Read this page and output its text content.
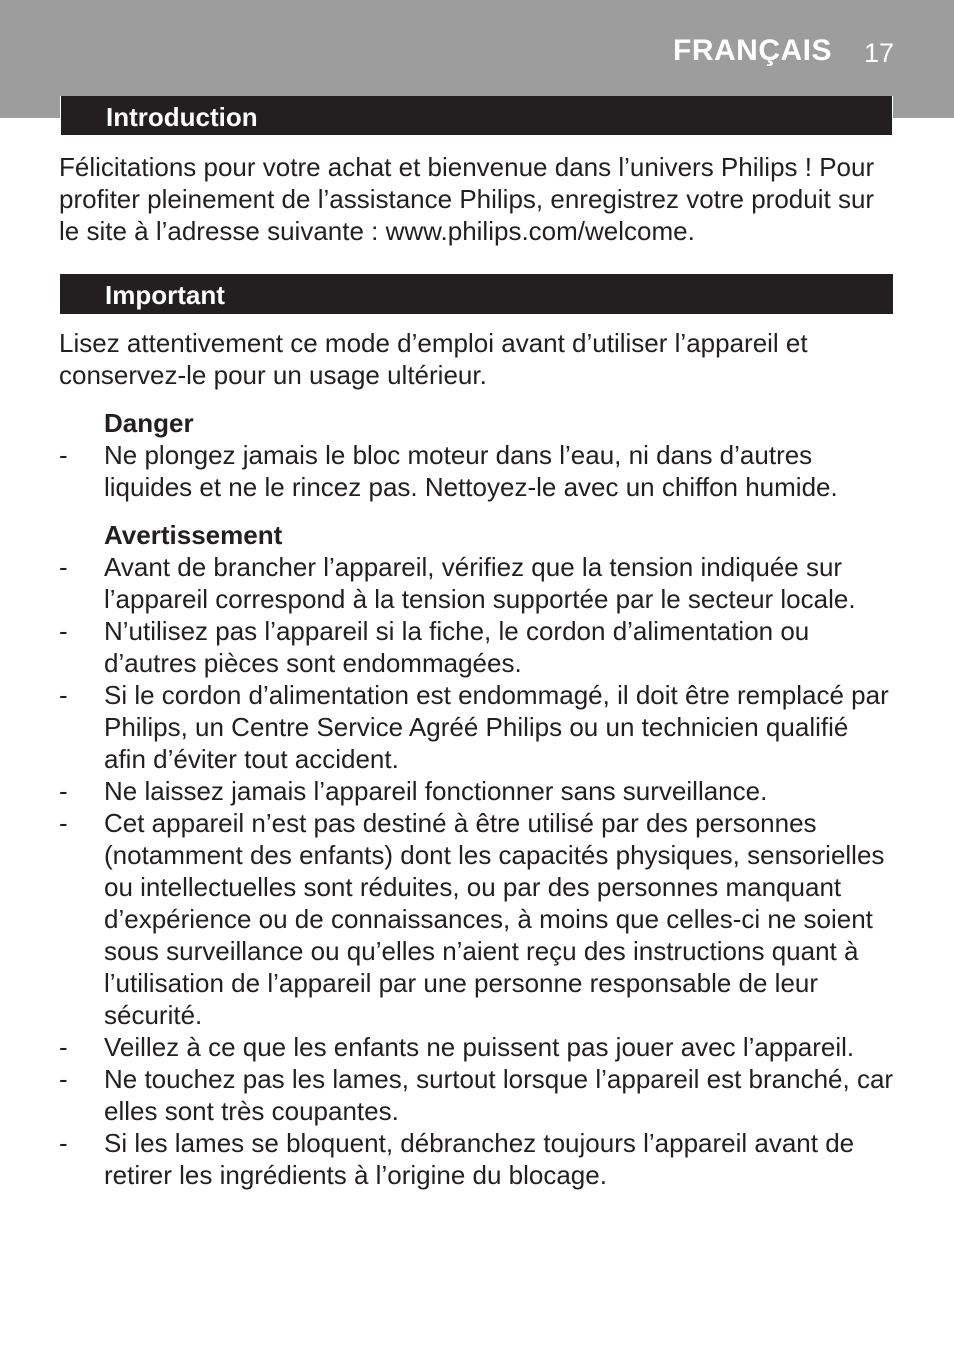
FRANÇAIS 17
Introduction

Félicitations pour votre achat et bienvenue dans l’univers Philips ! Pour profiter pleinement de l’assistance Philips, enregistrez votre produit sur le site à l’adresse suivante : www.philips.com/welcome.

Important

Lisez attentivement ce mode d’emploi avant d’utiliser l’appareil et conservez-le pour un usage ultérieur.

Danger
- Ne plongez jamais le bloc moteur dans l’eau, ni dans d’autres liquides et ne le rincez pas. Nettoyez-le avec un chiffon humide.
Avertissement
- Avant de brancher l’appareil, vérifiez que la tension indiquée sur l’appareil correspond à la tension supportée par le secteur locale.
- N’utilisez pas l’appareil si la fiche, le cordon d’alimentation ou d’autres pièces sont endommagées.
- Si le cordon d’alimentation est endommagé, il doit être remplacé par Philips, un Centre Service Agréé Philips ou un technicien qualifié afin d’éviter tout accident.
- Ne laissez jamais l’appareil fonctionner sans surveillance.
- Cet appareil n’est pas destiné à être utilisé par des personnes (notamment des enfants) dont les capacités physiques, sensorielles ou intellectuelles sont réduites, ou par des personnes manquant d’expérience ou de connaissances, à moins que celles-ci ne soient sous surveillance ou qu’elles n’aient reçu des instructions quant à l’utilisation de l’appareil par une personne responsable de leur sécurité.
- Veillez à ce que les enfants ne puissent pas jouer avec l’appareil.
- Ne touchez pas les lames, surtout lorsque l’appareil est branché, car elles sont très coupantes.
- Si les lames se bloquent, débranchez toujours l’appareil avant de retirer les ingrédients à l’origine du blocage.
